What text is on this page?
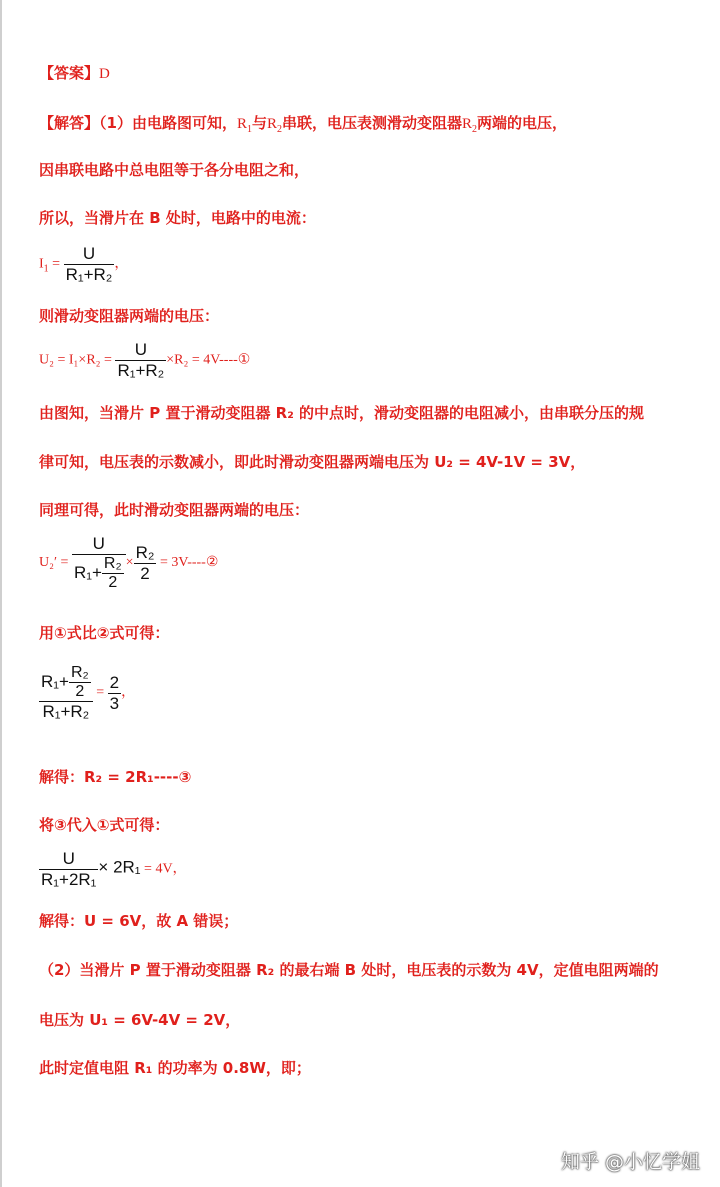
【答案】D
【解答】（1）由电路图可知，$R_1$与$R_2$串联，电压表测滑动变阻器$R_2$两端的电压，
因串联电路中总电阻等于各分电阻之和，
所以，当滑片在 B 处时，电路中的电流：
$I_1 = \frac{U}{\text{R₁+R₂}}$ ，
则滑动变阻器两端的电压：
$U_2 = I_1\times R_2 = \frac{U}{\text{R₁+R₂}} \times R_2$ = 4V----①
由图知，当滑片 P 置于滑动变阻器 R₂ 的中点时，滑动变阻器的电阻减小，由串联分压的规
律可知，电压表的示数减小，即此时滑动变阻器两端电压为 U₂ = 4V-1V = 3V，
同理可得，此时滑动变阻器两端的电压：
$U_2' = \frac{U}{R_1+ \frac{\text{R₂}}{2}} \times \frac{\text{R₂}}{2}$ = 3V----②
用①式比②式可得：
$\frac{R_1+ \frac{\text{R₂}}{2}}{\text{R₁+R₂}} = \frac{2}{3}$ ，
解得：R₂ = 2R₁----③
将③代入①式可得：
$\frac{U}{\text{R₁+2R₁}} \times 2R_1 = 4V$，
解得：U = 6V，故 A 错误；
（2）当滑片 P 置于滑动变阻器 R₂ 的最右端 B 处时，电压表的示数为 4V，定值电阻两端的
电压为 U₁ = 6V-4V = 2V，
此时定值电阻 R₁ 的功率为 0.8W，即；
知乎 @小忆学姐
